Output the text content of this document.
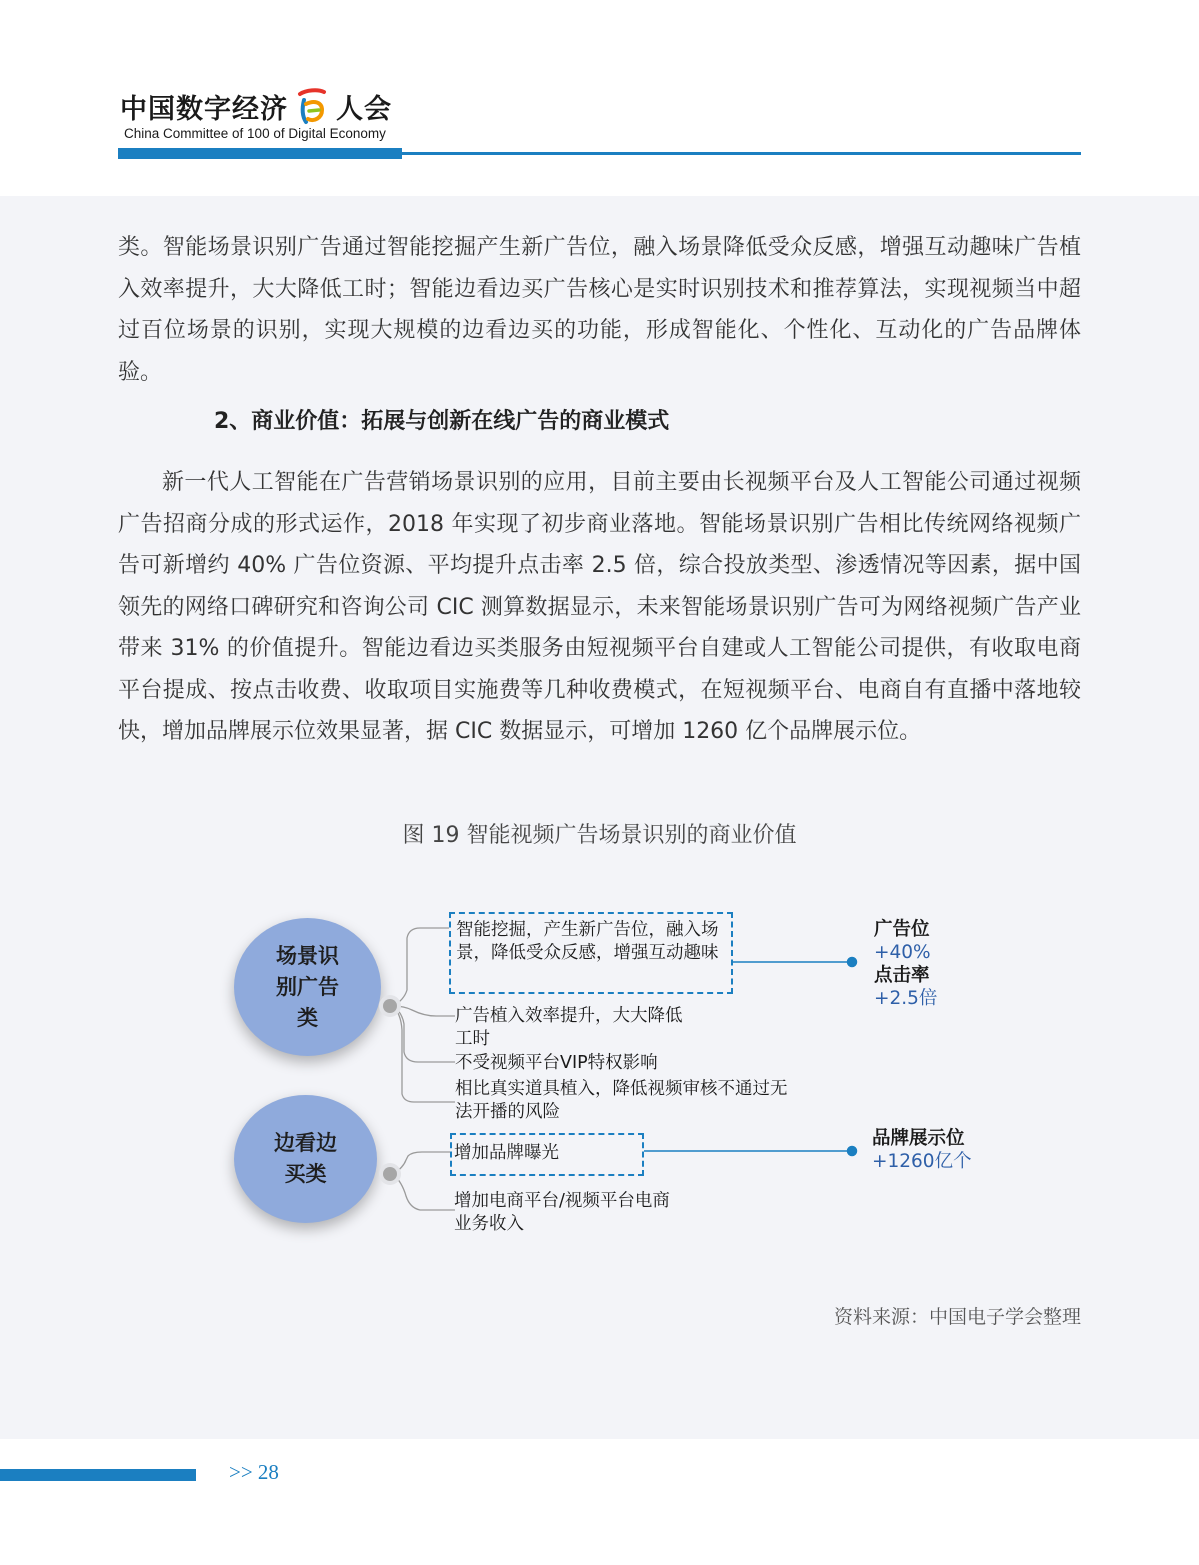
中国数字经济 人会
China Committee of 100 of Digital Economy

类。智能场景识别广告通过智能挖掘产生新广告位，融入场景降低受众反感，增强互动趣味广告植入效率提升，大大降低工时；智能边看边买广告核心是实时识别技术和推荐算法，实现视频当中超过百位场景的识别，实现大规模的边看边买的功能，形成智能化、个性化、互动化的广告品牌体验。

2、商业价值：拓展与创新在线广告的商业模式

新一代人工智能在广告营销场景识别的应用，目前主要由长视频平台及人工智能公司通过视频广告招商分成的形式运作，2018 年实现了初步商业落地。智能场景识别广告相比传统网络视频广告可新增约 40% 广告位资源、平均提升点击率 2.5 倍，综合投放类型、渗透情况等因素，据中国领先的网络口碑研究和咨询公司 CIC 测算数据显示，未来智能场景识别广告可为网络视频广告产业带来 31% 的价值提升。智能边看边买类服务由短视频平台自建或人工智能公司提供，有收取电商平台提成、按点击收费、收取项目实施费等几种收费模式，在短视频平台、电商自有直播中落地较快，增加品牌展示位效果显著，据 CIC 数据显示，可增加 1260 亿个品牌展示位。

图 19 智能视频广告场景识别的商业价值
场景识
别广告
类
边看边
买类

智能挖掘，产生新广告位，融入场景，降低受众反感，增强互动趣味

广告植入效率提升，大大降低工时

不受视频平台VIP特权影响

相比真实道具植入，降低视频审核不通过无法开播的风险

增加品牌曝光

增加电商平台/视频平台电商业务收入

广告位
+40%
点击率
+2.5倍
品牌展示位
+1260亿个
资料来源：中国电子学会整理
>> 28
